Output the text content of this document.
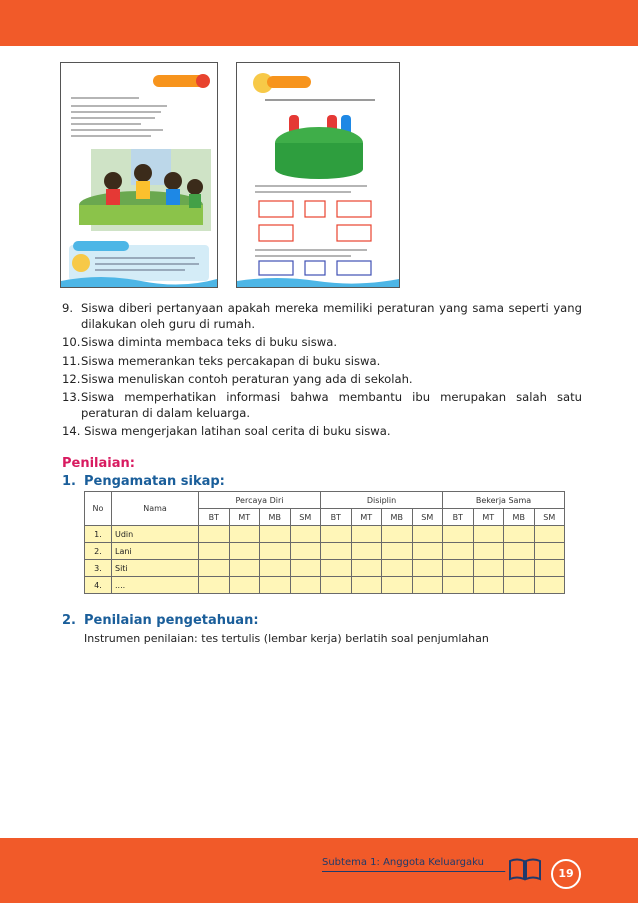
9. Siswa diberi pertanyaan apakah mereka memiliki peraturan yang sama seperti yang dilakukan oleh guru di rumah.
10. Siswa diminta membaca teks di buku siswa.
11. Siswa memerankan teks percakapan di buku siswa.
12. Siswa menuliskan contoh peraturan yang ada di sekolah.
13. Siswa memperhatikan informasi bahwa membantu ibu merupakan salah satu peraturan di dalam keluarga.
14. Siswa mengerjakan latihan soal cerita di buku siswa.
Penilaian:
1. Pengamatan sikap:
No	Nama	Percaya Diri				Disiplin				Bekerja Sama			
		BT	MT	MB	SM	BT	MT	MB	SM	BT	MT	MB	SM
1.	Udin												
2.	Lani												
3.	Siti												
4.	....												
2. Penilaian pengetahuan:
Instrumen penilaian: tes tertulis (lembar kerja) berlatih soal penjumlahan
Subtema 1: Anggota Keluargaku
19
